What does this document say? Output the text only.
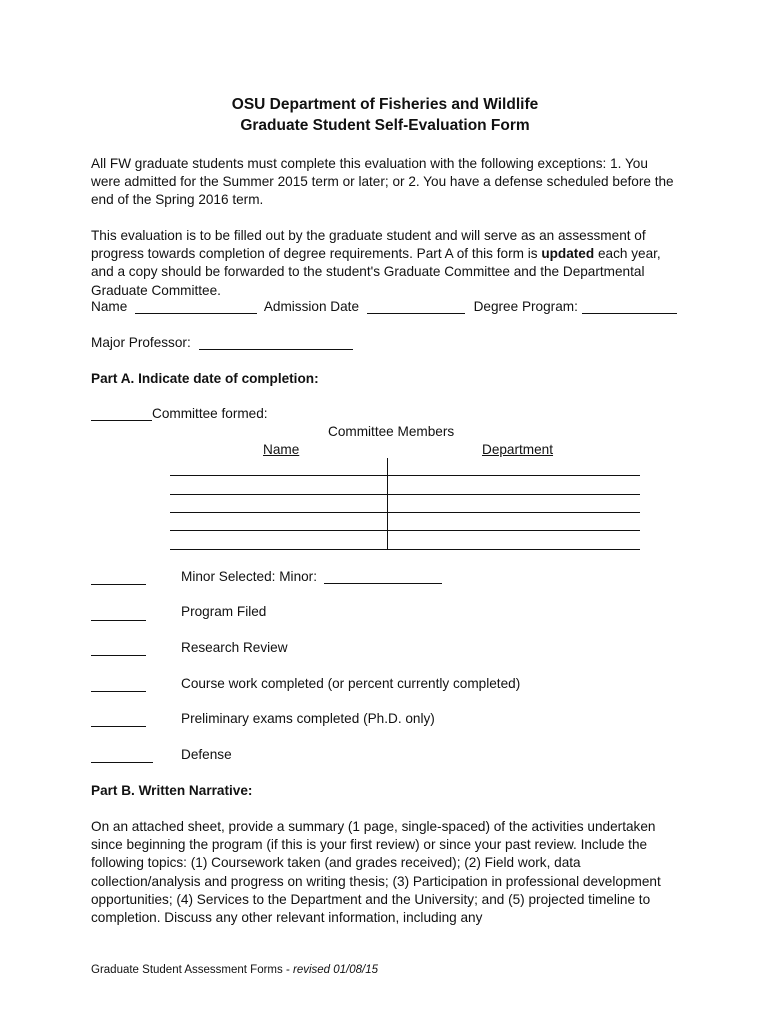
OSU Department of Fisheries and Wildlife
Graduate Student Self-Evaluation Form

All FW graduate students must complete this evaluation with the following exceptions: 1. You were admitted for the Summer 2015 term or later; or 2. You have a defense scheduled before the end of the Spring 2016 term.

This evaluation is to be filled out by the graduate student and will serve as an assessment of progress towards completion of degree requirements. Part A of this form is updated each year, and a copy should be forwarded to the student's Graduate Committee and the Departmental Graduate Committee.

Name	Admission Date	Degree Program:
Major Professor:
Part A. Indicate date of completion:
Committee formed:
Committee Members
Name	Department
Minor Selected: Minor:
Program Filed
Research Review
Course work completed (or percent currently completed)
Preliminary exams completed (Ph.D. only)
Defense
Part B. Written Narrative:

On an attached sheet, provide a summary (1 page, single-spaced) of the activities undertaken since beginning the program (if this is your first review) or since your past review. Include the following topics: (1) Coursework taken (and grades received); (2) Field work, data collection/analysis and progress on writing thesis; (3) Participation in professional development opportunities; (4) Services to the Department and the University; and (5) projected timeline to completion. Discuss any other relevant information, including any

Graduate Student Assessment Forms - revised 01/08/15
